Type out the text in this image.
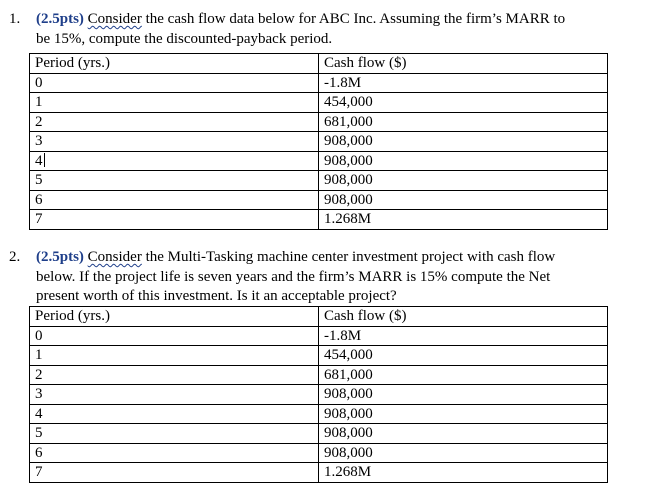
1. (2.5pts) Consider the cash flow data below for ABC Inc. Assuming the firm’s MARR to
be 15%, compute the discounted-payback period.
Period (yrs.)	Cash flow ($)
0	-1.8M
1	454,000
2	681,000
3	908,000
4	908,000
5	908,000
6	908,000
7	1.268M
2. (2.5pts) Consider the Multi-Tasking machine center investment project with cash flow
below. If the project life is seven years and the firm’s MARR is 15% compute the Net
present worth of this investment. Is it an acceptable project?
Period (yrs.)	Cash flow ($)
0	-1.8M
1	454,000
2	681,000
3	908,000
4	908,000
5	908,000
6	908,000
7	1.268M
